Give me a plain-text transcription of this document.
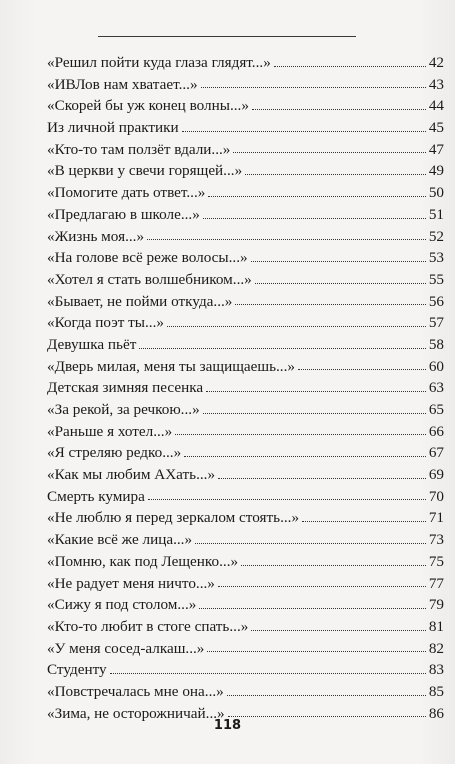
«Решил пойти куда глаза глядят...»	42
«ИВЛов нам хватает...»	43
«Скорей бы уж конец волны...»	44
Из личной практики	45
«Кто-то там ползёт вдали...»	47
«В церкви у свечи горящей...»	49
«Помогите дать ответ...»	50
«Предлагаю в школе...»	51
«Жизнь моя...»	52
«На голове всё реже волосы...»	53
«Хотел я стать волшебником...»	55
«Бывает, не пойми откуда...»	56
«Когда поэт ты...»	57
Девушка пьёт	58
«Дверь милая, меня ты защищаешь...»	60
Детская зимняя песенка	63
«За рекой, за речкою...»	65
«Раньше я хотел...»	66
«Я стреляю редко...»	67
«Как мы любим АХать...»	69
Смерть кумира	70
«Не люблю я перед зеркалом стоять...»	71
«Какие всё же лица...»	73
«Помню, как под Лещенко...»	75
«Не радует меня ничто...»	77
«Сижу я под столом...»	79
«Кто-то любит в стоге спать...»	81
«У меня сосед-алкаш...»	82
Студенту	83
«Повстречалась мне она...»	85
«Зима, не осторожничай...»	86
118
